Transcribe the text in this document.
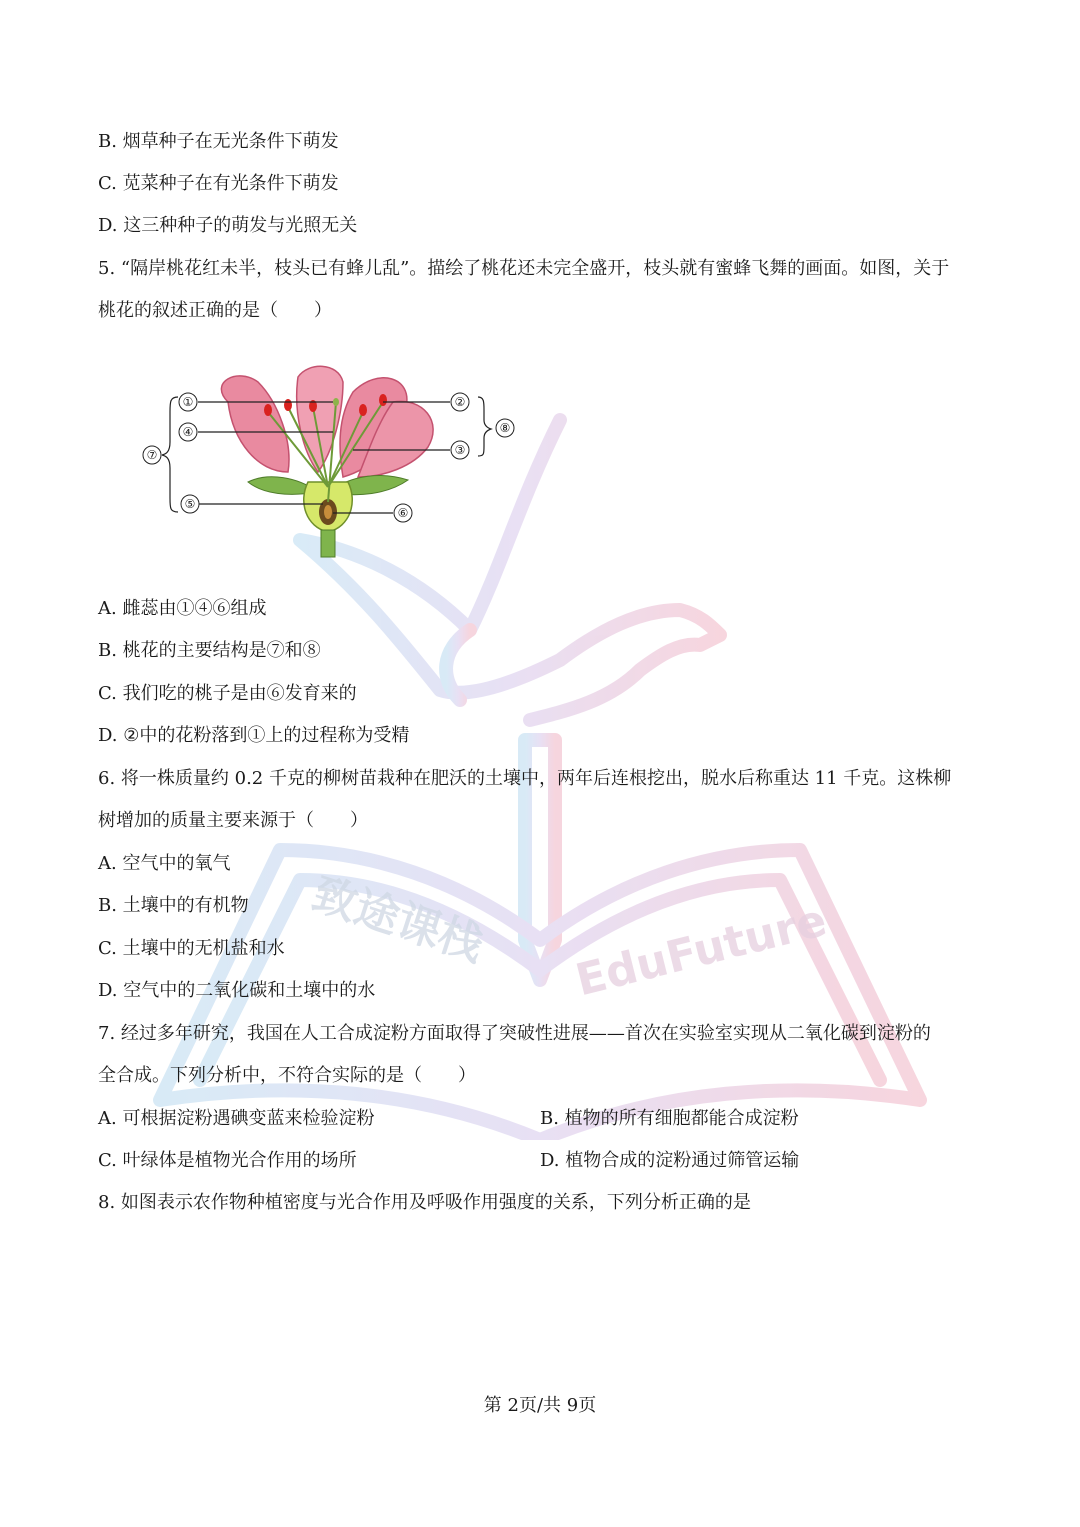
致途课栈 EduFuture
B. 烟草种子在无光条件下萌发
C. 苋菜种子在有光条件下萌发
D. 这三种种子的萌发与光照无关
5. “隔岸桃花红未半，枝头已有蜂儿乱”。描绘了桃花还未完全盛开，枝头就有蜜蜂飞舞的画面。如图，关于
桃花的叙述正确的是（　　）
①
④
⑦
⑤
②
③
⑧
⑥
A. 雌蕊由①④⑥组成
B. 桃花的主要结构是⑦和⑧
C. 我们吃的桃子是由⑥发育来的
D. ②中的花粉落到①上的过程称为受精
6. 将一株质量约 0.2 千克的柳树苗栽种在肥沃的土壤中，两年后连根挖出，脱水后称重达 11 千克。这株柳
树增加的质量主要来源于（　　）
A. 空气中的氧气
B. 土壤中的有机物
C. 土壤中的无机盐和水
D. 空气中的二氧化碳和土壤中的水
7. 经过多年研究，我国在人工合成淀粉方面取得了突破性进展——首次在实验室实现从二氧化碳到淀粉的
全合成。下列分析中，不符合实际的是（　　）
A. 可根据淀粉遇碘变蓝来检验淀粉	B. 植物的所有细胞都能合成淀粉
C. 叶绿体是植物光合作用的场所	D. 植物合成的淀粉通过筛管运输
8. 如图表示农作物种植密度与光合作用及呼吸作用强度的关系，下列分析正确的是
第 2页/共 9页
